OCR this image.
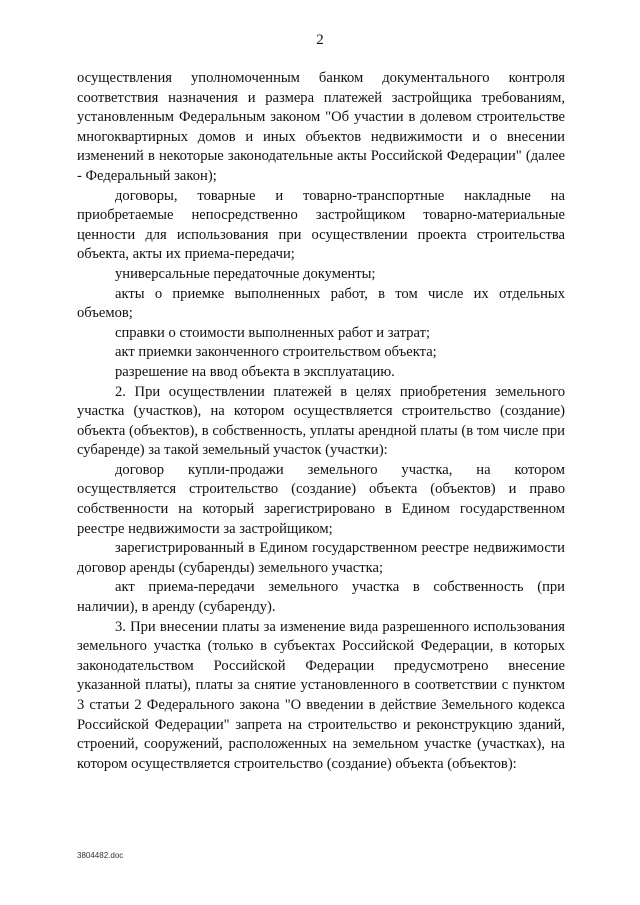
2

осуществления уполномоченным банком документального контроля соответствия назначения и размера платежей застройщика требованиям, установленным Федеральным законом "Об участии в долевом строительстве многоквартирных домов и иных объектов недвижимости и о внесении изменений в некоторые законодательные акты Российской Федерации" (далее - Федеральный закон);

договоры, товарные и товарно-транспортные накладные на приобретаемые непосредственно застройщиком товарно-материальные ценности для использования при осуществлении проекта строительства объекта, акты их приема-передачи;

универсальные передаточные документы;

акты о приемке выполненных работ, в том числе их отдельных объемов;

справки о стоимости выполненных работ и затрат;

акт приемки законченного строительством объекта;

разрешение на ввод объекта в эксплуатацию.

2. При осуществлении платежей в целях приобретения земельного участка (участков), на котором осуществляется строительство (создание) объекта (объектов), в собственность, уплаты арендной платы (в том числе при субаренде) за такой земельный участок (участки):

договор купли-продажи земельного участка, на котором осуществляется строительство (создание) объекта (объектов) и право собственности на который зарегистрировано в Едином государственном реестре недвижимости за застройщиком;

зарегистрированный в Едином государственном реестре недвижимости договор аренды (субаренды) земельного участка;

акт приема-передачи земельного участка в собственность (при наличии), в аренду (субаренду).

3. При внесении платы за изменение вида разрешенного использования земельного участка (только в субъектах Российской Федерации, в которых законодательством Российской Федерации предусмотрено внесение указанной платы), платы за снятие установленного в соответствии с пунктом 3 статьи 2 Федерального закона "О введении в действие Земельного кодекса Российской Федерации" запрета на строительство и реконструкцию зданий, строений, сооружений, расположенных на земельном участке (участках), на котором осуществляется строительство (создание) объекта (объектов):

3804482.doc
